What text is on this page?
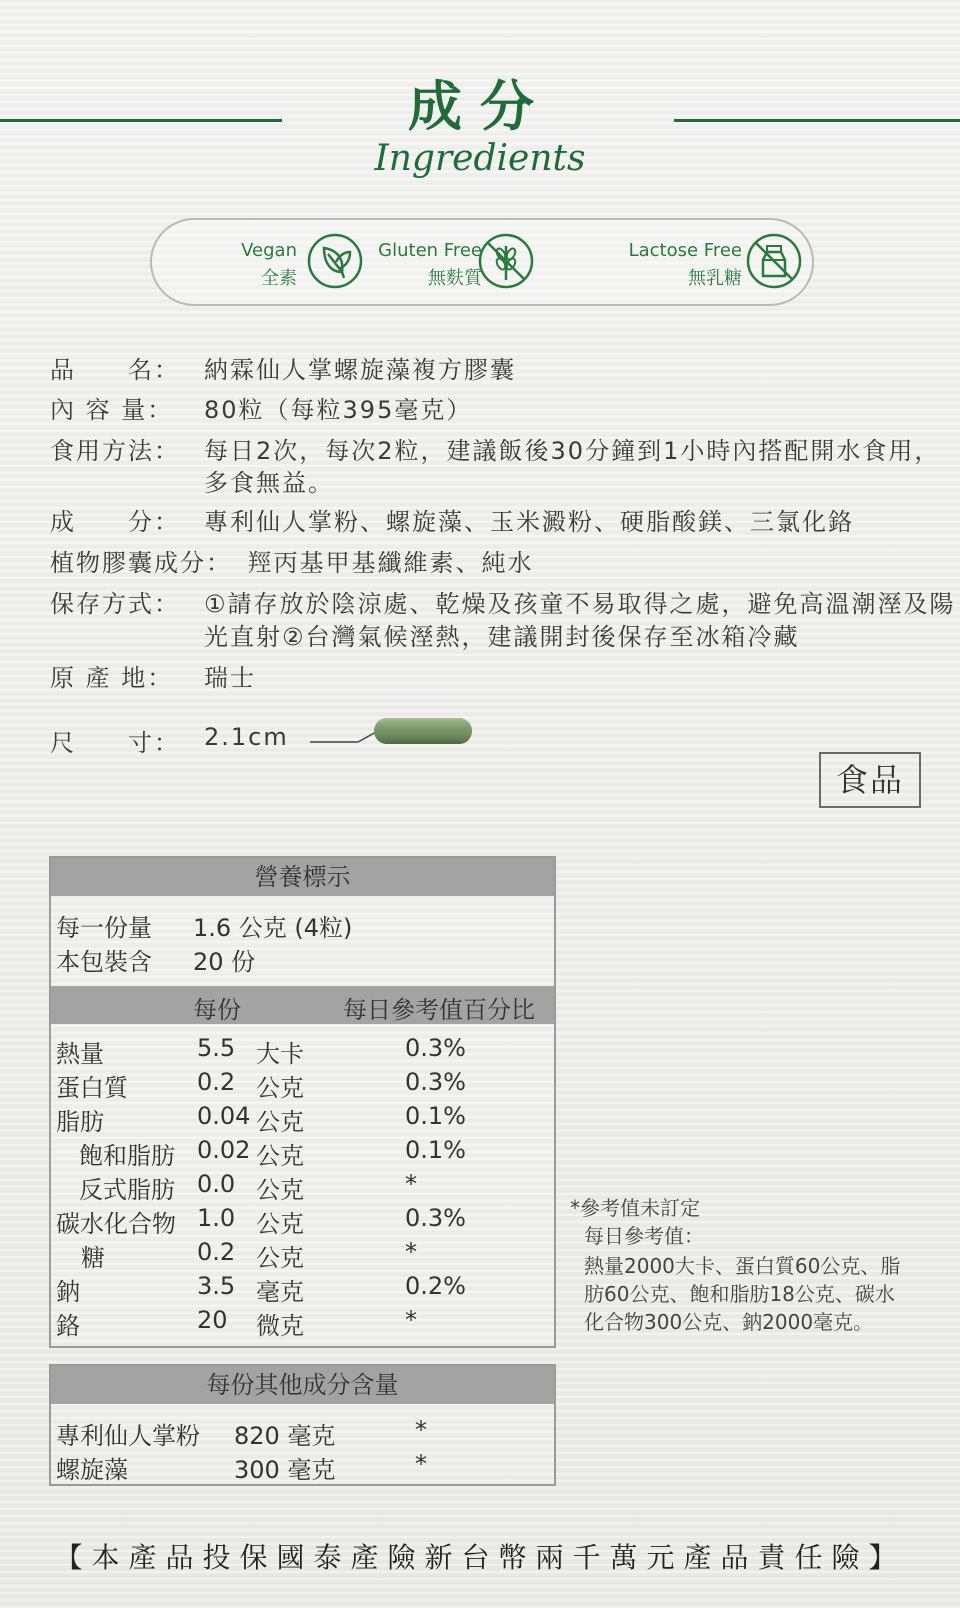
成分
Ingredients
Vegan
全素
Gluten Free
無麩質
Lactose Free
無乳糖
品　　名： 納霖仙人掌螺旋藻複方膠囊
內 容 量： 80粒（每粒395毫克）
食用方法： 每日2次，每次2粒，建議飯後30分鐘到1小時內搭配開水食用，
多食無益。
成　　分： 專利仙人掌粉、螺旋藻、玉米澱粉、硬脂酸鎂、三氯化鉻
植物膠囊成分： 羥丙基甲基纖維素、純水
保存方式： ①請存放於陰涼處、乾燥及孩童不易取得之處，避免高溫潮溼及陽
光直射②台灣氣候溼熱，建議開封後保存至冰箱冷藏
原 產 地： 瑞士
尺　　寸： 2.1cm
食品
營養標示
每一份量 1.6 公克 (4粒)
本包裝含 20 份
每份	每日參考值百分比
熱量	5.5 大卡	0.3%
蛋白質	0.2 公克	0.3%
脂肪	0.04 公克	0.1%
飽和脂肪 0.02 公克	0.1%
反式脂肪 0.0 公克	*
碳水化合物 1.0 公克	0.3%
糖	0.2 公克	*
鈉	3.5 毫克	0.2%
鉻	20 微克	*
每份其他成分含量
專利仙人掌粉 820 毫克	*
螺旋藻	300 毫克	*
*參考值未訂定
每日參考值：
熱量2000大卡、蛋白質60公克、脂
肪60公克、飽和脂肪18公克、碳水
化合物300公克、鈉2000毫克。
【本產品投保國泰產險新台幣兩千萬元產品責任險】
